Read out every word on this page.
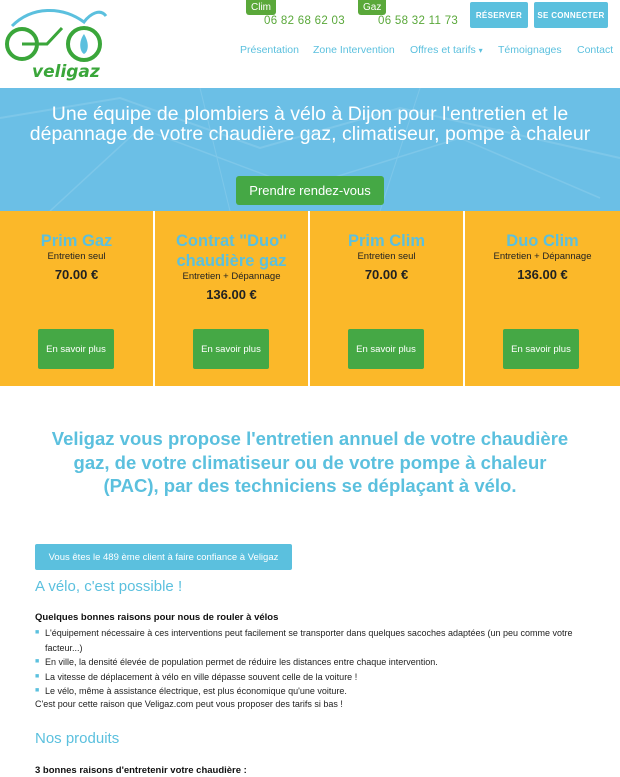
veligaz
Clim
06 82 68 62 03
Gaz
06 58 32 11 73	RÉSERVER	SE CONNECTER
Présentation Zone Intervention Offres et tarifs ▾ Témoignages Contact
Une équipe de plombiers à vélo à Dijon pour l'entretien et le dépannage de votre chaudière gaz, climatiseur, pompe à chaleur
Prendre rendez-vous
Prim Gaz
Entretien seul
70.00 €
En savoir plus
Contrat "Duo" chaudière gaz
Entretien + Dépannage
136.00 €
En savoir plus
Prim Clim
Entretien seul
70.00 €
En savoir plus
Duo Clim
Entretien + Dépannage
136.00 €
En savoir plus
Veligaz vous propose l'entretien annuel de votre chaudière gaz, de votre climatiseur ou de votre pompe à chaleur (PAC), par des techniciens se déplaçant à vélo.
Vous êtes le 489 ème client à faire confiance à Veligaz
A vélo, c'est possible !
Quelques bonnes raisons pour nous de rouler à vélos
■ L'équipement nécessaire à ces interventions peut facilement se transporter dans quelques sacoches adaptées (un peu comme votre facteur...)
■ En ville, la densité élevée de population permet de réduire les distances entre chaque intervention.
■ La vitesse de déplacement à vélo en ville dépasse souvent celle de la voiture !
■ Le vélo, même à assistance électrique, est plus économique qu'une voiture.
C'est pour cette raison que Veligaz.com peut vous proposer des tarifs si bas !
Nos produits
3 bonnes raisons d'entretenir votre chaudière :
